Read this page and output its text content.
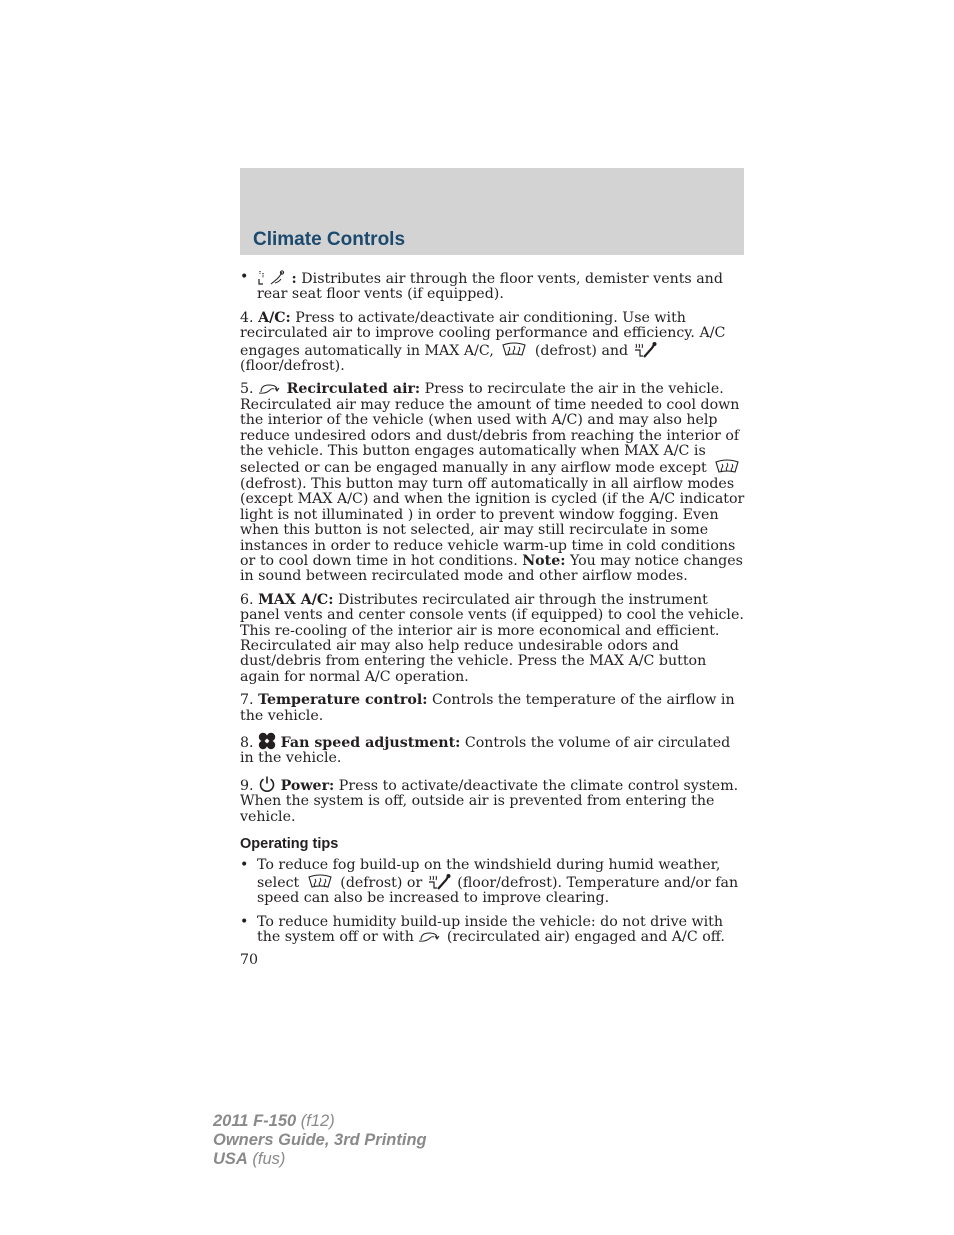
Climate Controls
•	: Distributes air through the floor vents, demister vents and rear seat floor vents (if equipped).

4. A/C: Press to activate/deactivate air conditioning. Use with recirculated air to improve cooling performance and efficiency. A/C engages automatically in MAX A/C,	(defrost) and  (floor/defrost).

5. Recirculated air: Press to recirculate the air in the vehicle. Recirculated air may reduce the amount of time needed to cool down the interior of the vehicle (when used with A/C) and may also help reduce undesired odors and dust/debris from reaching the interior of the vehicle. This button engages automatically when MAX A/C is selected or can be engaged manually in any airflow mode except  (defrost). This button may turn off automatically in all airflow modes (except MAX A/C) and when the ignition is cycled (if the A/C indicator light is not illuminated ) in order to prevent window fogging. Even when this button is not selected, air may still recirculate in some instances in order to reduce vehicle warm-up time in cold conditions or to cool down time in hot conditions. Note: You may notice changes in sound between recirculated mode and other airflow modes.

6. MAX A/C: Distributes recirculated air through the instrument panel vents and center console vents (if equipped) to cool the vehicle. This re-cooling of the interior air is more economical and efficient. Recirculated air may also help reduce undesirable odors and dust/debris from entering the vehicle. Press the MAX A/C button again for normal A/C operation.

7. Temperature control: Controls the temperature of the airflow in the vehicle.

8. Fan speed adjustment: Controls the volume of air circulated in the vehicle.

9. Power: Press to activate/deactivate the climate control system. When the system is off, outside air is prevented from entering the vehicle.

Operating tips
• To reduce fog build-up on the windshield during humid weather, select	(defrost) or  (floor/defrost). Temperature and/or fan speed can also be increased to improve clearing.
• To reduce humidity build-up inside the vehicle: do not drive with the system off or with  (recirculated air) engaged and A/C off.
70
2011 F-150 (f12)
Owners Guide, 3rd Printing
USA (fus)
